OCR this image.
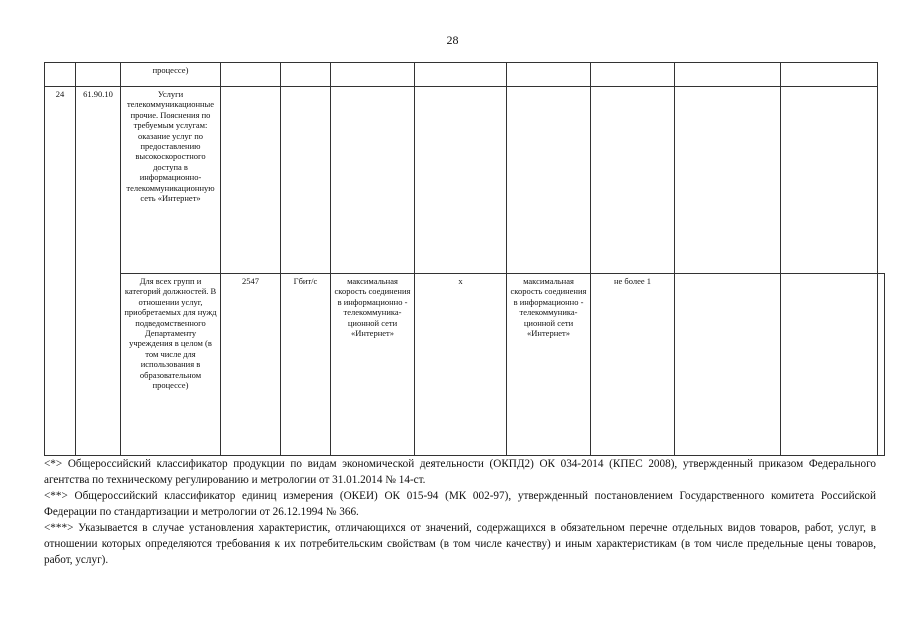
28
		процессе)									
24	61.90.10	Услуги телекоммуникационные прочие. Пояснения по требуемым услугам: оказание услуг по предоставлению высокоскоростного доступа в информационно-телекоммуникационную сеть «Интернет»									
		Для всех групп и категорий должностей. В отношении услуг, приобретаемых для нужд подведомственного Департаменту учреждения в целом (в том числе для использования в образовательном процессе)	2547	Гбит/с	максимальная скорость соединения в информационно - телекоммуника-ционной сети «Интернет»	x	максимальная скорость соединения в информационно - телекоммуника-ционной сети «Интернет»	не более 1			

<*> Общероссийский классификатор продукции по видам экономической деятельности (ОКПД2) ОК 034-2014 (КПЕС 2008), утвержденный приказом Федерального агентства по техническому регулированию и метрологии от 31.01.2014 № 14-ст.

<**> Общероссийский классификатор единиц измерения (ОКЕИ) ОК 015-94 (МК 002-97), утвержденный постановлением Государственного комитета Российской Федерации по стандартизации и метрологии от 26.12.1994 № 366.

<***> Указывается в случае установления характеристик, отличающихся от значений, содержащихся в обязательном перечне отдельных видов товаров, работ, услуг, в отношении которых определяются требования к их потребительским свойствам (в том числе качеству) и иным характеристикам (в том числе предельные цены товаров, работ, услуг).
